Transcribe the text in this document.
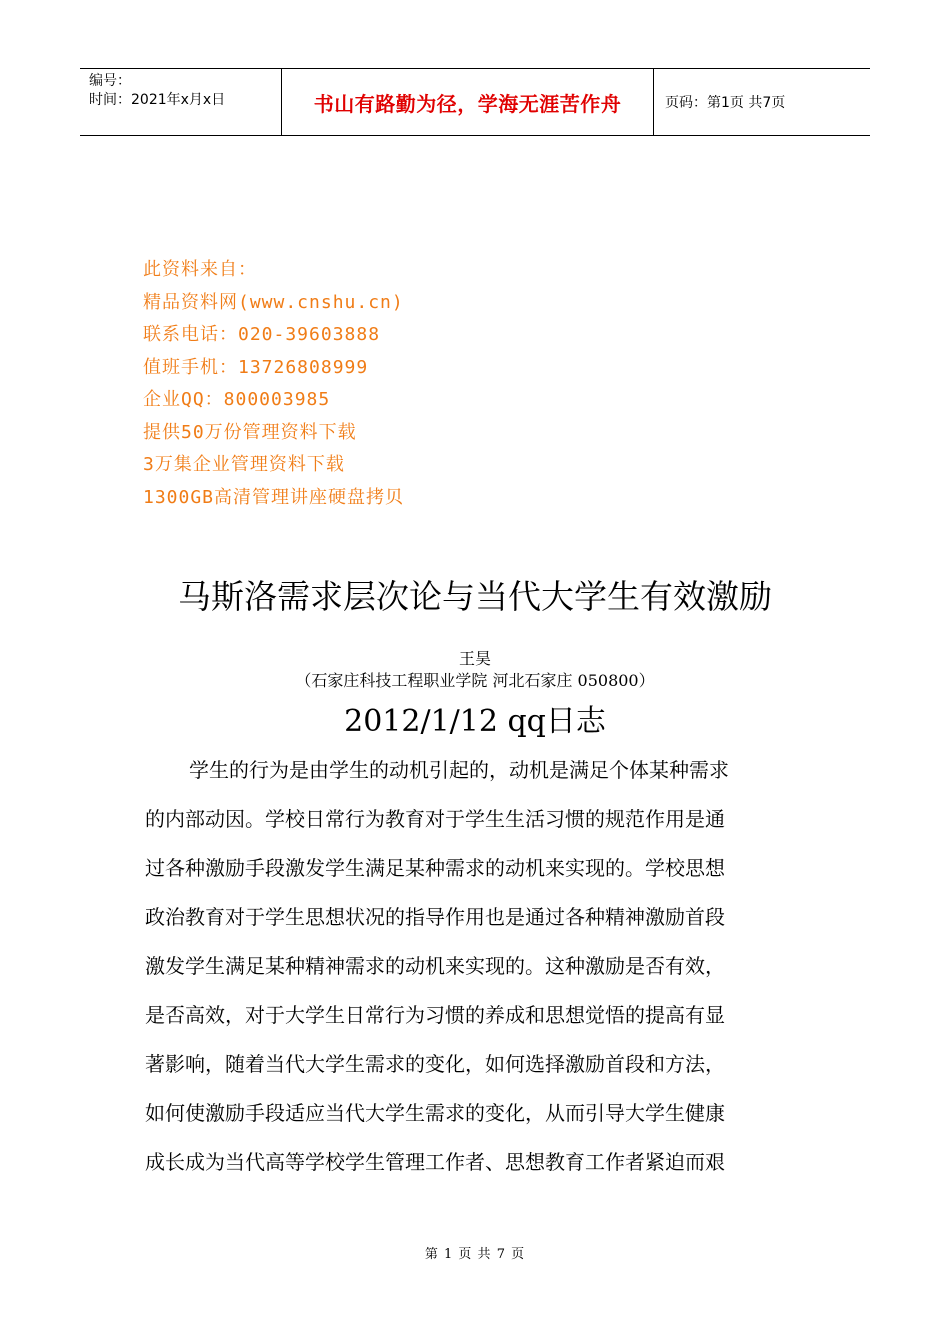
编号：
时间：2021年x月x日	书山有路勤为径，学海无涯苦作舟	页码：第1页 共7页
此资料来自：
精品资料网(www.cnshu.cn)
联系电话：020-39603888
值班手机：13726808999
企业QQ：800003985
提供50万份管理资料下载
3万集企业管理资料下载
1300GB高清管理讲座硬盘拷贝
马斯洛需求层次论与当代大学生有效激励
王昊
（石家庄科技工程职业学院 河北石家庄 050800）
2012/1/12 qq日志
学生的行为是由学生的动机引起的，动机是满足个体某种需求
的内部动因。学校日常行为教育对于学生生活习惯的规范作用是通
过各种激励手段激发学生满足某种需求的动机来实现的。学校思想
政治教育对于学生思想状况的指导作用也是通过各种精神激励首段
激发学生满足某种精神需求的动机来实现的。这种激励是否有效，
是否高效，对于大学生日常行为习惯的养成和思想觉悟的提高有显
著影响，随着当代大学生需求的变化，如何选择激励首段和方法，
如何使激励手段适应当代大学生需求的变化，从而引导大学生健康
成长成为当代高等学校学生管理工作者、思想教育工作者紧迫而艰
第 1 页 共 7 页
